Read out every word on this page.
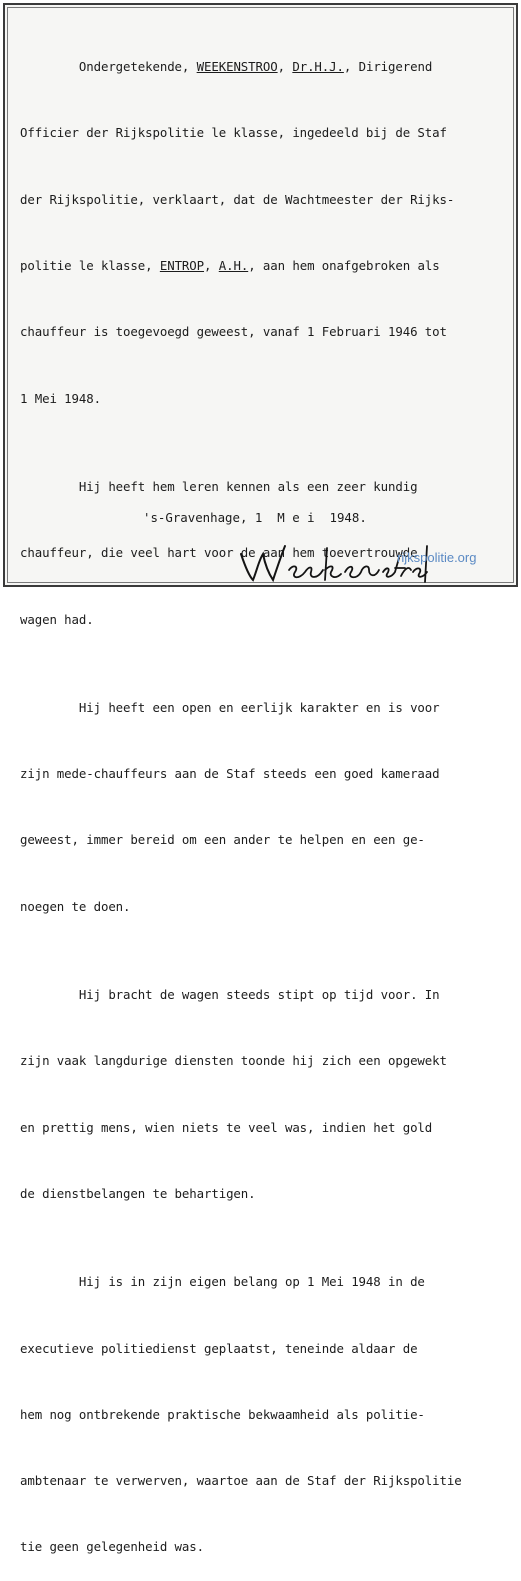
Ondergetekende, WEEKENSTROO, Dr.H.J., Dirigerend

Officier der Rijkspolitie le klasse, ingedeeld bij de Staf

der Rijkspolitie, verklaart, dat de Wachtmeester der Rijks-

politie le klasse, ENTROP, A.H., aan hem onafgebroken als

chauffeur is toegevoegd geweest, vanaf 1 Februari 1946 tot

1 Mei 1948.

Hij heeft hem leren kennen als een zeer kundig

chauffeur, die veel hart voor de aan hem toevertrouwde

wagen had.

Hij heeft een open en eerlijk karakter en is voor

zijn mede-chauffeurs aan de Staf steeds een goed kameraad

geweest, immer bereid om een ander te helpen en een ge-

noegen te doen.

Hij bracht de wagen steeds stipt op tijd voor. In

zijn vaak langdurige diensten toonde hij zich een opgewekt

en prettig mens, wien niets te veel was, indien het gold

de dienstbelangen te behartigen.

Hij is in zijn eigen belang op 1 Mei 1948 in de

executieve politiedienst geplaatst, teneinde aldaar de

hem nog ontbrekende praktische bekwaamheid als politie-

ambtenaar te verwerven, waartoe aan de Staf der Rijkspolitie

tie geen gelegenheid was.

's-Gravenhage, 1  M e i  1948.
rijkspolitie.org
